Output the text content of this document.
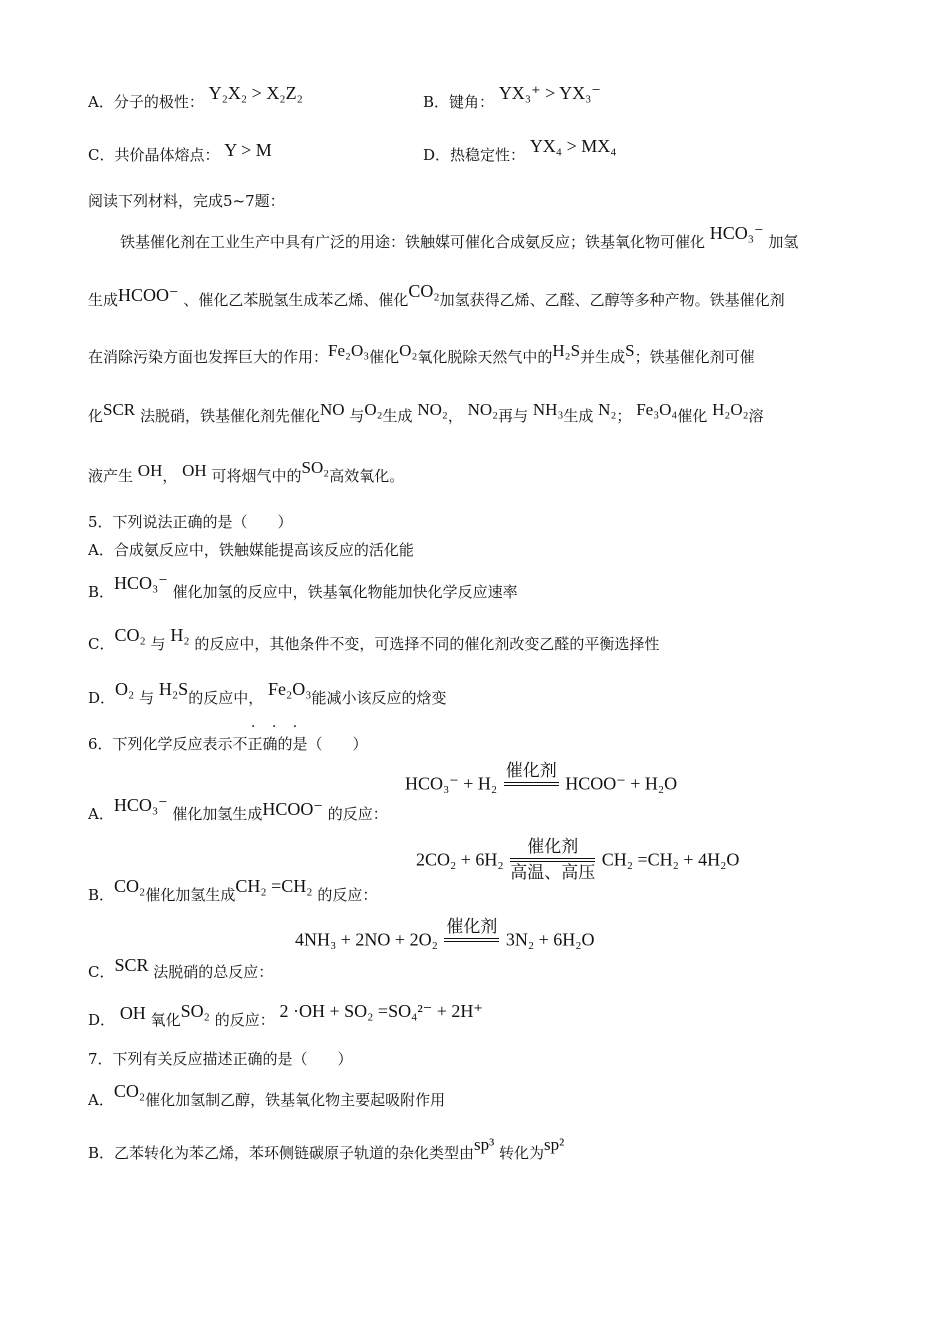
A．分子的极性： Y₂X₂ > X₂Z₂	B．键角： YX₃⁺ > YX₃⁻
C．共价晶体熔点： Y > M	D．热稳定性： YX₄ > MX₄
阅读下列材料，完成5~7题：
铁基催化剂在工业生产中具有广泛的用途：铁触媒可催化合成氨反应；铁基氧化物可催化 HCO₃⁻ 加氢
生成HCOO⁻ 、催化乙苯脱氢生成苯乙烯、催化CO₂加氢获得乙烯、乙醛、乙醇等多种产物。铁基催化剂
在消除污染方面也发挥巨大的作用：Fe₂O₃催化O₂氧化脱除天然气中的H₂S并生成S；铁基催化剂可催
化SCR 法脱硝，铁基催化剂先催化NO 与O₂生成 NO₂， NO₂再与 NH₃生成 N₂； Fe₃O₄催化 H₂O₂溶
液产生 OH， OH 可将烟气中的SO₂高效氧化。
5．下列说法正确的是（　　）
A．合成氨反应中，铁触媒能提高该反应的活化能
B．HCO₃⁻ 催化加氢的反应中，铁基氧化物能加快化学反应速率
C．CO₂ 与 H₂ 的反应中，其他条件不变，可选择不同的催化剂改变乙醛的平衡选择性
D．O₂ 与 H₂S的反应中， Fe₂O₃能减小该反应的焓变
· · ·
6．下列化学反应表示不正确的是（　　）
HCO₃⁻ + H₂
催化剂
HCOO⁻ + H₂O
A．HCO₃⁻ 催化加氢生成HCOO⁻ 的反应：
2CO₂ + 6H₂
催化剂
高温、高压
CH₂ =CH₂ + 4H₂O
B．CO₂催化加氢生成CH₂ =CH₂ 的反应：
4NH₃ + 2NO + 2O₂
催化剂
3N₂ + 6H₂O
C．SCR 法脱硝的总反应：
D． OH 氧化SO₂ 的反应： 2 ·OH + SO₂ =SO₄²⁻ + 2H⁺
7．下列有关反应描述正确的是（　　）
A．CO₂催化加氢制乙醇，铁基氧化物主要起吸附作用
B．乙苯转化为苯乙烯，苯环侧链碳原子轨道的杂化类型由sp³ 转化为sp²
